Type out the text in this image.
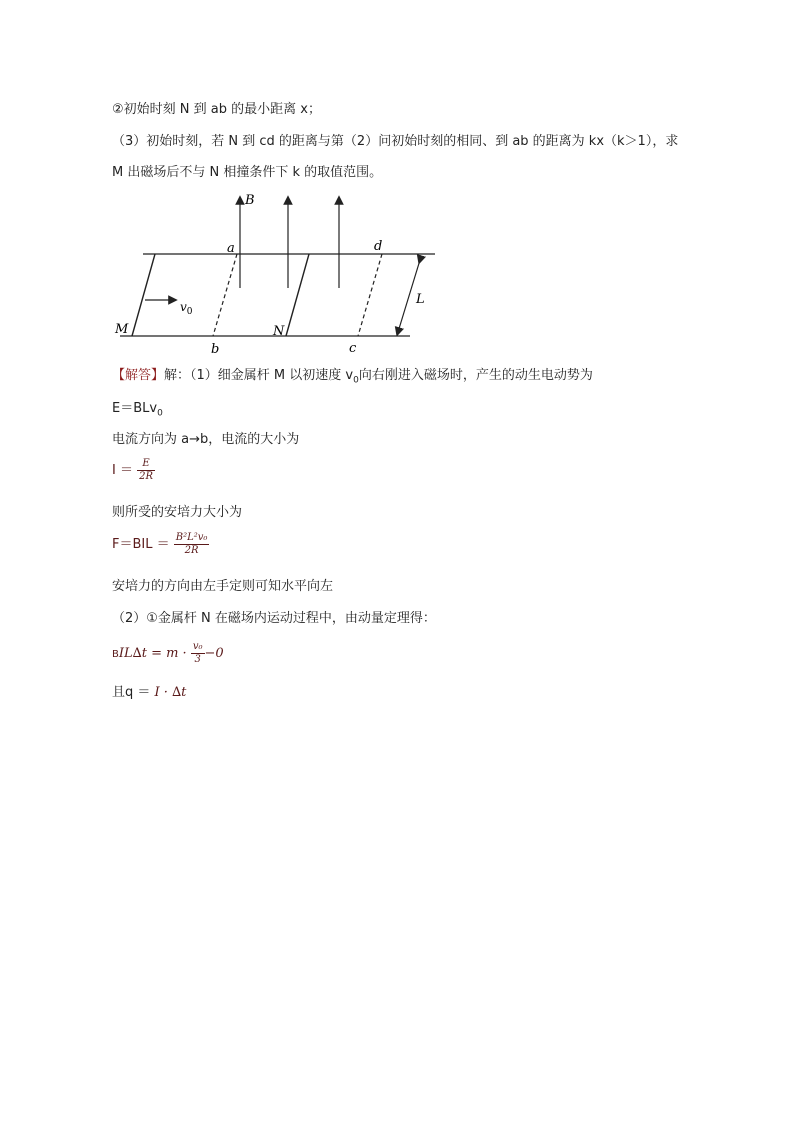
②初始时刻 N 到 ab 的最小距离 x；
（3）初始时刻，若 N 到 cd 的距离与第（2）问初始时刻的相同、到 ab 的距离为 kx（k＞1），求
M 出磁场后不与 N 相撞条件下 k 的取值范围。
B
a	d
b	c
M	N
L
$v_0$
【解答】解：（1）细金属杆 M 以初速度 $v_0$向右刚进入磁场时，产生的动生电动势为
E＝BLv$_0$
电流方向为 a→b，电流的大小为
$I = \frac{E}{2R}$
则所受的安培力大小为
$F=BIL = \frac{\text{B²L²v₀}}{2R}$
安培力的方向由左手定则可知水平向左
（2）①金属杆 N 在磁场内运动过程中，由动量定理得：
$BIL\Delta t = m \cdot \frac{\text{v₀}}{3} -0$
且q ＝ I · ∆t
